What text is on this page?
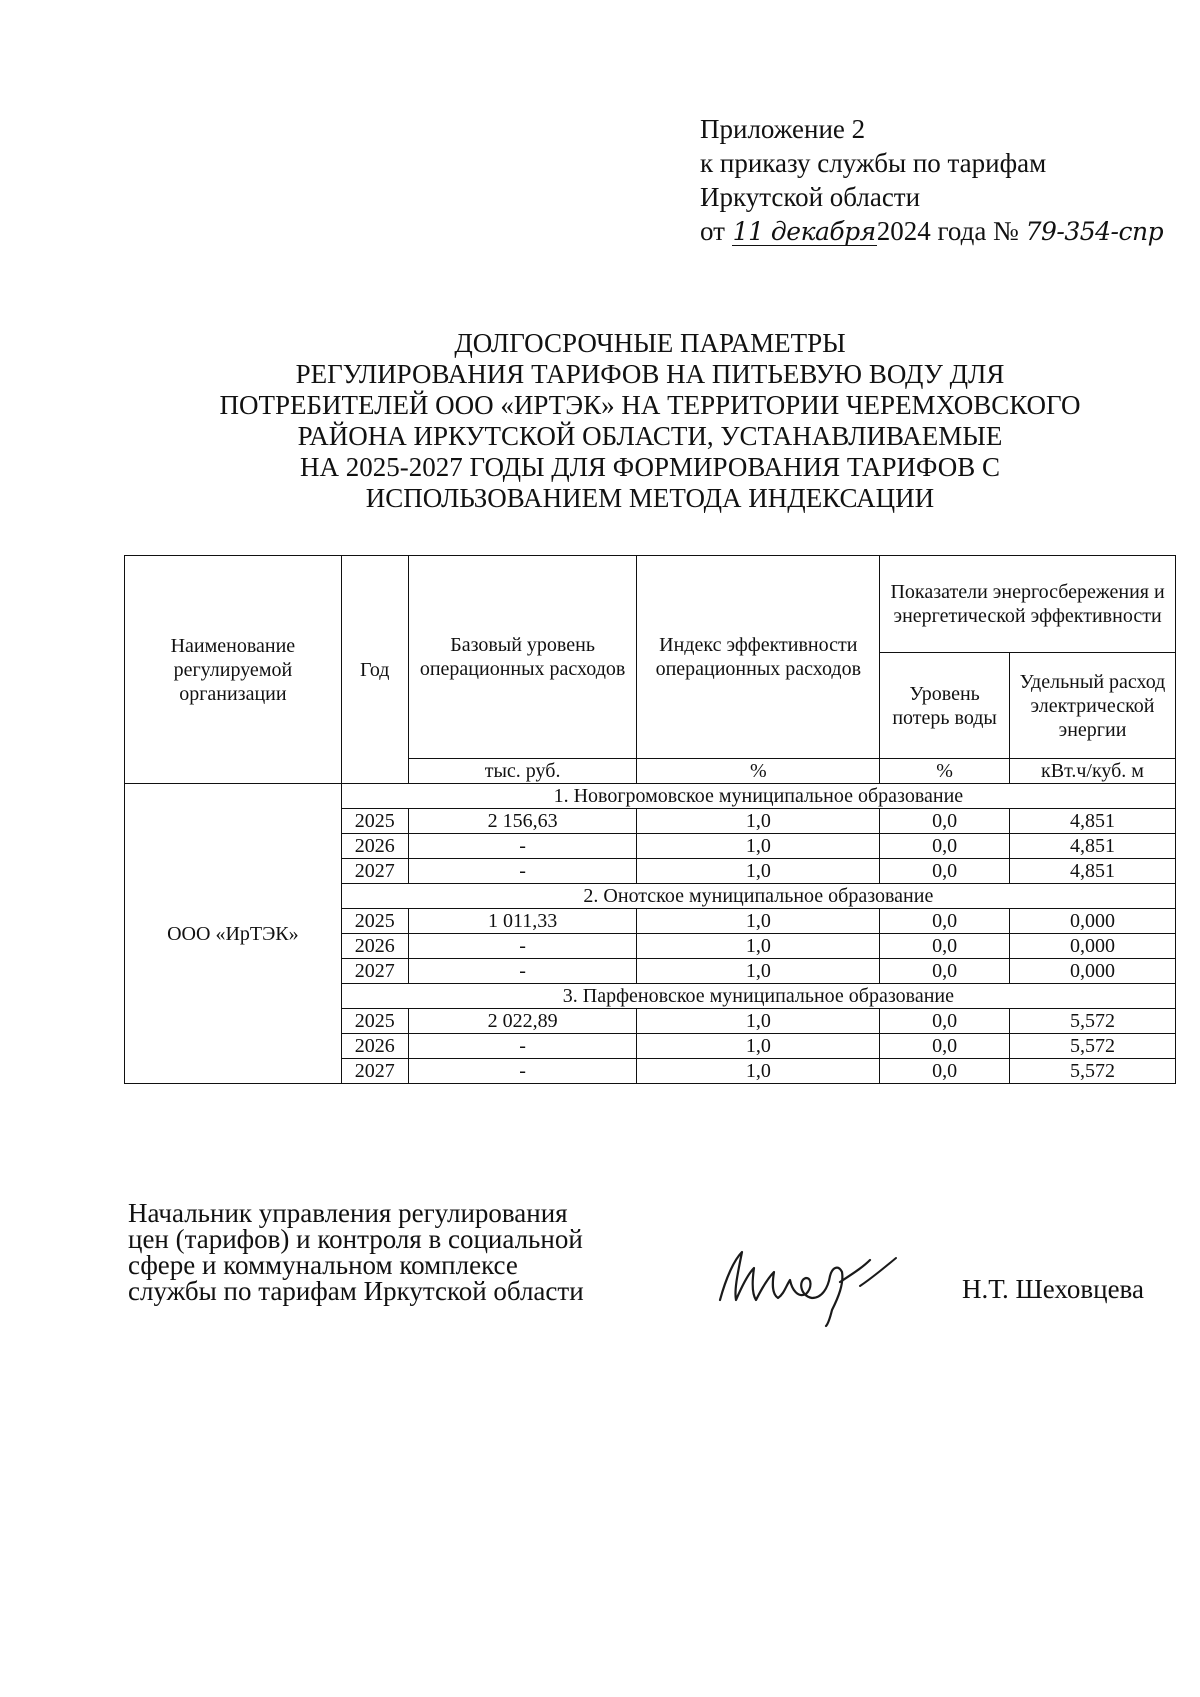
Приложение 2
к приказу службы по тарифам
Иркутской области
от 11 декабря2024 года № 79-354-спр
ДОЛГОСРОЧНЫЕ ПАРАМЕТРЫ
РЕГУЛИРОВАНИЯ ТАРИФОВ НА ПИТЬЕВУЮ ВОДУ ДЛЯ
ПОТРЕБИТЕЛЕЙ ООО «ИРТЭК» НА ТЕРРИТОРИИ ЧЕРЕМХОВСКОГО
РАЙОНА ИРКУТСКОЙ ОБЛАСТИ, УСТАНАВЛИВАЕМЫЕ
НА 2025-2027 ГОДЫ ДЛЯ ФОРМИРОВАНИЯ ТАРИФОВ С
ИСПОЛЬЗОВАНИЕМ МЕТОДА ИНДЕКСАЦИИ
Наименование регулируемой организации	Год	Базовый уровень операционных расходов	Индекс эффективности операционных расходов	Показатели энергосбережения и энергетической эффективности	
				Уровень потерь воды	Удельный расход электрической энергии
		тыс. руб.	%	%	кВт.ч/куб. м
ООО «ИрТЭК»	1. Новогромовское муниципальное образование				
	2025	2 156,63	1,0	0,0	4,851
	2026	-	1,0	0,0	4,851
	2027	-	1,0	0,0	4,851
	2. Онотское муниципальное образование				
	2025	1 011,33	1,0	0,0	0,000
	2026	-	1,0	0,0	0,000
	2027	-	1,0	0,0	0,000
	3. Парфеновское муниципальное образование				
	2025	2 022,89	1,0	0,0	5,572
	2026	-	1,0	0,0	5,572
	2027	-	1,0	0,0	5,572
Начальник управления регулирования
цен (тарифов) и контроля в социальной
сфере и коммунальном комплексе
службы по тарифам Иркутской области	Н.Т. Шеховцева
